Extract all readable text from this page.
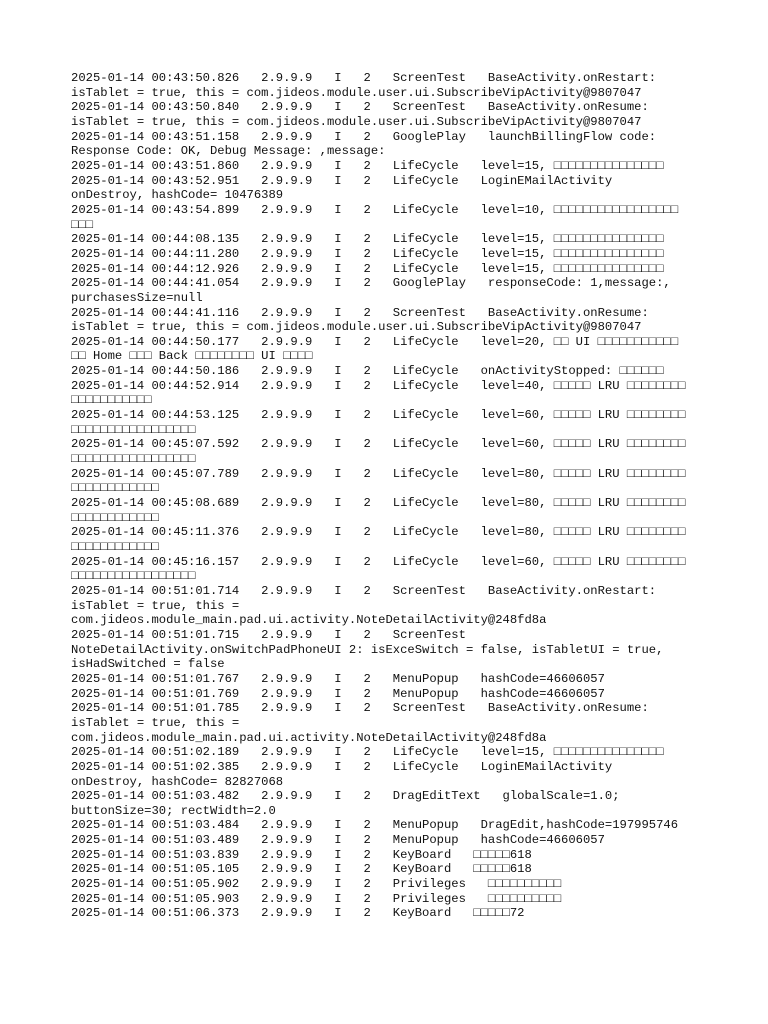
2025-01-14 00:43:50.826   2.9.9.9   I   2   ScreenTest   BaseActivity.onRestart:
isTablet = true, this = com.jideos.module.user.ui.SubscribeVipActivity@9807047
2025-01-14 00:43:50.840   2.9.9.9   I   2   ScreenTest   BaseActivity.onResume:
isTablet = true, this = com.jideos.module.user.ui.SubscribeVipActivity@9807047
2025-01-14 00:43:51.158   2.9.9.9   I   2   GooglePlay   launchBillingFlow code:
Response Code: OK, Debug Message: ,message:
2025-01-14 00:43:51.860   2.9.9.9   I   2   LifeCycle   level=15, □□□□□□□□□□□□□□□
2025-01-14 00:43:52.951   2.9.9.9   I   2   LifeCycle   LoginEMailActivity
onDestroy, hashCode= 10476389
2025-01-14 00:43:54.899   2.9.9.9   I   2   LifeCycle   level=10, □□□□□□□□□□□□□□□□□
□□□
2025-01-14 00:44:08.135   2.9.9.9   I   2   LifeCycle   level=15, □□□□□□□□□□□□□□□
2025-01-14 00:44:11.280   2.9.9.9   I   2   LifeCycle   level=15, □□□□□□□□□□□□□□□
2025-01-14 00:44:12.926   2.9.9.9   I   2   LifeCycle   level=15, □□□□□□□□□□□□□□□
2025-01-14 00:44:41.054   2.9.9.9   I   2   GooglePlay   responseCode: 1,message:,
purchasesSize=null
2025-01-14 00:44:41.116   2.9.9.9   I   2   ScreenTest   BaseActivity.onResume:
isTablet = true, this = com.jideos.module.user.ui.SubscribeVipActivity@9807047
2025-01-14 00:44:50.177   2.9.9.9   I   2   LifeCycle   level=20, □□ UI □□□□□□□□□□□
□□ Home □□□ Back □□□□□□□□ UI □□□□
2025-01-14 00:44:50.186   2.9.9.9   I   2   LifeCycle   onActivityStopped: □□□□□□
2025-01-14 00:44:52.914   2.9.9.9   I   2   LifeCycle   level=40, □□□□□ LRU □□□□□□□□
□□□□□□□□□□□
2025-01-14 00:44:53.125   2.9.9.9   I   2   LifeCycle   level=60, □□□□□ LRU □□□□□□□□
□□□□□□□□□□□□□□□□□
2025-01-14 00:45:07.592   2.9.9.9   I   2   LifeCycle   level=60, □□□□□ LRU □□□□□□□□
□□□□□□□□□□□□□□□□□
2025-01-14 00:45:07.789   2.9.9.9   I   2   LifeCycle   level=80, □□□□□ LRU □□□□□□□□
□□□□□□□□□□□□
2025-01-14 00:45:08.689   2.9.9.9   I   2   LifeCycle   level=80, □□□□□ LRU □□□□□□□□
□□□□□□□□□□□□
2025-01-14 00:45:11.376   2.9.9.9   I   2   LifeCycle   level=80, □□□□□ LRU □□□□□□□□
□□□□□□□□□□□□
2025-01-14 00:45:16.157   2.9.9.9   I   2   LifeCycle   level=60, □□□□□ LRU □□□□□□□□
□□□□□□□□□□□□□□□□□
2025-01-14 00:51:01.714   2.9.9.9   I   2   ScreenTest   BaseActivity.onRestart:
isTablet = true, this =
com.jideos.module_main.pad.ui.activity.NoteDetailActivity@248fd8a
2025-01-14 00:51:01.715   2.9.9.9   I   2   ScreenTest
NoteDetailActivity.onSwitchPadPhoneUI 2: isExceSwitch = false, isTabletUI = true,
isHadSwitched = false
2025-01-14 00:51:01.767   2.9.9.9   I   2   MenuPopup   hashCode=46606057
2025-01-14 00:51:01.769   2.9.9.9   I   2   MenuPopup   hashCode=46606057
2025-01-14 00:51:01.785   2.9.9.9   I   2   ScreenTest   BaseActivity.onResume:
isTablet = true, this =
com.jideos.module_main.pad.ui.activity.NoteDetailActivity@248fd8a
2025-01-14 00:51:02.189   2.9.9.9   I   2   LifeCycle   level=15, □□□□□□□□□□□□□□□
2025-01-14 00:51:02.385   2.9.9.9   I   2   LifeCycle   LoginEMailActivity
onDestroy, hashCode= 82827068
2025-01-14 00:51:03.482   2.9.9.9   I   2   DragEditText   globalScale=1.0;
buttonSize=30; rectWidth=2.0
2025-01-14 00:51:03.484   2.9.9.9   I   2   MenuPopup   DragEdit,hashCode=197995746
2025-01-14 00:51:03.489   2.9.9.9   I   2   MenuPopup   hashCode=46606057
2025-01-14 00:51:03.839   2.9.9.9   I   2   KeyBoard   □□□□□618
2025-01-14 00:51:05.105   2.9.9.9   I   2   KeyBoard   □□□□□618
2025-01-14 00:51:05.902   2.9.9.9   I   2   Privileges   □□□□□□□□□□
2025-01-14 00:51:05.903   2.9.9.9   I   2   Privileges   □□□□□□□□□□
2025-01-14 00:51:06.373   2.9.9.9   I   2   KeyBoard   □□□□□72
